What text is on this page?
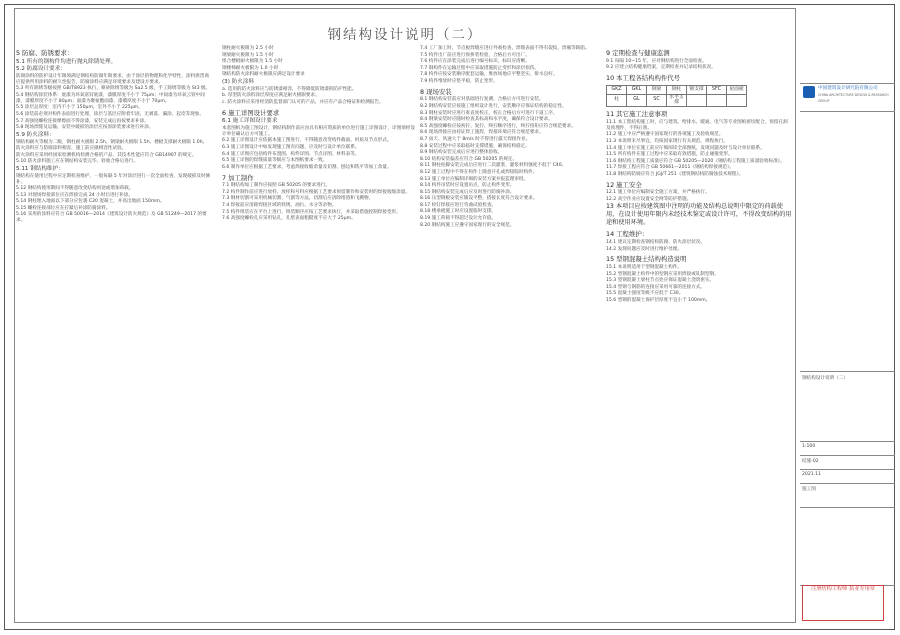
钢结构设计说明（二）

5 防腐、防锈要求：

5.1 所有的钢构件均进行抛丸除锈处理。

5.2 防腐设计要求：

防腐涂料的防护设计年限须满足钢结构防腐年限要求，由于涂层的物理和化学特性，涂料供货商应提供所用涂料的耐久性报告，防腐涂料应满足环境要求及建设方要求。

5.3 所有除锈等级按照 GB/T8923 执行，喷砂除锈等级为 Sa2.5 级，手工除锈等级为 St3 级。

5.4 钢结构涂装体系：底漆为环氧富锌底漆，漆膜厚度不小于 75μm；中间漆为环氧云铁中间漆，漆膜厚度不小于 80μm；面漆为聚氨酯面漆，漆膜厚度不小于 70μm。

5.5 涂层总厚度：室内不小于 150μm，室外不小于 225μm。

5.6 涂装前必须对构件表面进行处理，涂层与基层应附着牢固，无剥落、漏涂、起皮等现象。

5.7 高强度螺栓连接摩擦面不得涂漆，安装完成后再按要求补涂。

5.8 现场焊缝及运输、安装中破损的涂层应按原涂装要求进行补涂。

5.9 防火涂料：

钢结构耐火等级为二级，钢柱耐火极限 2.5h，钢梁耐火极限 1.5h，楼板支撑耐火极限 1.0h。

防火涂料应与防腐涂料相容，施工前应做相容性试验。

防火涂料应采用经国家检测机构检测合格的产品，其技术性能应符合 GB14907 的规定。

5.10 防火涂料施工应在钢结构安装完毕、验收合格后进行。

5.11 钢结构维护：

钢结构在使用过程中应定期检查维护，一般每隔 5 年对涂层进行一次全面检查，发现破损及时修补。

5.12 钢结构使用期间不得随意改变结构用途或增加荷载。

5.13 对现场焊接部位应在焊接完成 24 小时后进行补涂。

5.14 钢柱埋入地面以下部分应包裹 C20 混凝土，并高出地面 150mm。

5.15 螺栓连接部位应在拧紧后补涂防腐涂料。

5.16 采用的涂料应符合 GB 50016—2014《建筑设计防火规范》及 GB 51249—2017 的要求。

钢柱耐火极限为 2.5 小时

钢梁耐火极限为 1.5 小时

组合楼板耐火极限为 1.5 小时

钢楼梯耐火极限为 1.0 小时

钢结构防火涂料耐火极限应满足设计要求

(3) 防火涂料

a. 选用的防火涂料应与防锈漆相容，不得降低防锈漆的防护性能。

b. 厚型防火涂料涂层厚度应满足耐火极限要求。

c. 防火涂料应采用经消防监督部门认可的产品，并应有产品合格证和检测报告。

6 施工详图设计要求

6.1 施工详图设计要求

本套图纸为施工图设计，钢结构制作前应由具有相应资质的单位进行施工详图设计，详图须经设计单位确认后方可施工。

6.2 施工详图设计应依据本施工图进行，不得随意改变构件截面、材质及节点形式。

6.3 施工详图设计中如发现施工图有问题，应及时与设计单位联系。

6.4 施工详图应包括构件布置图、构件详图、节点详图、材料表等。

6.5 施工详图的焊缝质量等级应与本图纸要求一致。

6.6 制作单位应根据工艺要求，考虑焊接收缩余量及切割、刨边和铣平等加工余量。

7 加工制作

7.1 钢结构加工制作应按照 GB 50205 的要求进行。

7.2 构件制作前应进行放样，放样和号料应根据工艺要求预留制作和安装时的焊接收缩余量。

7.3 钢材切割可采用机械切割、气割等方法，切割后应清除熔渣和飞溅物。

7.4 焊接前应清除焊接区域的铁锈、油污、水分等杂物。

7.5 构件组装应在平台上进行，组装顺序应按工艺要求执行，并采取措施控制焊接变形。

7.6 高强度螺栓孔应采用钻孔，孔壁表面粗糙度不应大于 25μm。

7.4 工厂加工时，节点板焊缝应进行外观检查，焊缝表面不得有裂纹、焊瘤等缺陷。

7.5 构件出厂前应进行预拼装检验，合格后方可出厂。

7.6 构件应在涂装完成后进行编号标识，标识应清晰。

7.7 钢构件在运输过程中应采取措施防止变形和涂层损伤。

7.8 构件应按安装顺序配套运输，堆放场地应平整坚实、排水良好。

7.9 构件堆放时应垫平稳，防止变形。

8 现场安装

8.1 钢结构安装前应对基础进行复测，合格后方可进行安装。

8.2 钢结构安装应按施工组织设计进行，安装顺序应保证结构的稳定性。

8.3 钢柱安装时应进行垂直度校正，校正合格后方可进行下道工序。

8.4 钢梁安装时应随时检查其标高和水平度，确保符合设计要求。

8.5 高强度螺栓应按初拧、复拧、终拧顺序进行，终拧扭矩应符合规范要求。

8.6 现场焊接应由持证焊工施焊，焊接环境应符合规范要求。

8.7 雨天、风速大于 8m/s 时不得进行露天焊接作业。

8.8 安装过程中应采取临时支撑措施，确保结构稳定。

8.9 钢结构安装完成后应进行整体验收。

8.10 结构安装偏差应符合 GB 50205 的规定。

8.11 钢柱柱脚安装完成后应进行二次灌浆，灌浆材料强度不低于 C40。

8.12 施工过程中不得在构件上随意开孔或焊接临时构件。

8.13 施工单位应编制详细的安装方案并报监理审批。

8.14 构件吊装时应设置吊点，防止构件变形。

8.15 钢结构安装完成后应及时进行防腐补涂。

8.16 压型钢板安装应铺设平整，搭接长度符合设计要求。

8.17 栓钉焊接应进行弯曲试验检查。

8.18 楼承板施工时应设置临时支撑。

8.19 施工荷载不得超过设计允许值。

8.20 钢结构施工应遵守国家现行的安全规范。

9 定期检查与健康监测

9.1 每隔 10~15 年，应对钢结构进行全面检查。

9.2 应建立结构健康档案，定期检查并记录结构状况。

10 本工程各结构构件代号

GKZ	GKL	钢梁	钢柱	钢支撑	SFC	屋面板
柱	GL	SC	水平支撑			

11 其它施工注意事项

11.1 本工程结构施工时，应与建筑、给排水、暖通、电气等专业图纸密切配合，预留孔洞及预埋件，不得后凿。

11.2 施工中应严格遵守国家现行的各项施工及验收规范。

11.3 本说明未尽事宜，均按国家现行有关规范、规程执行。

11.4 施工单位在施工前应仔细阅读全部图纸，发现问题及时与设计单位联系。

11.5 所有构件在施工过程中应采取有效措施，防止碰撞变形。

11.6 钢结构工程施工质量应符合 GB 50205—2020《钢结构工程施工质量验收标准》。

11.7 焊接工程应符合 GB 50661—2011《钢结构焊接规范》。

11.8 钢结构防腐应符合 JGJ/T 251《建筑钢结构防腐蚀技术规程》。

12 施工安全

12.1 施工单位应编制安全施工方案，并严格执行。

12.2 高空作业应设置安全网等防护措施。

13 本项目应按建筑图中注明的功能及结构总说明中限定的荷载使用，在设计使用年限内未经技术鉴定或设计许可，不得改变结构的用途和使用环境。

14 工程维护：

14.1 建议定期检查钢结构防腐、防火涂层状况。

14.2 发现问题应及时进行维护处理。

15 型钢混凝土结构构造说明

15.1 本说明适用于型钢混凝土构件。

15.2 型钢混凝土构件中的型钢应采用焊接或轧制型钢。

15.3 型钢混凝土梁柱节点处应保证混凝土浇筑密实。

15.4 型钢与钢筋的连接应采用可靠的连接方式。

15.5 混凝土强度等级不应低于 C30。

15.6 型钢的混凝土保护层厚度不宜小于 100mm。

钢结构设计说明（二）
1:100
结施-02
2021.11
施工图
中国建筑设计研究院有限公司
CHINA ARCHITECTURE DESIGN & RESEARCH GROUP
注册结构工程师 执业专用章
